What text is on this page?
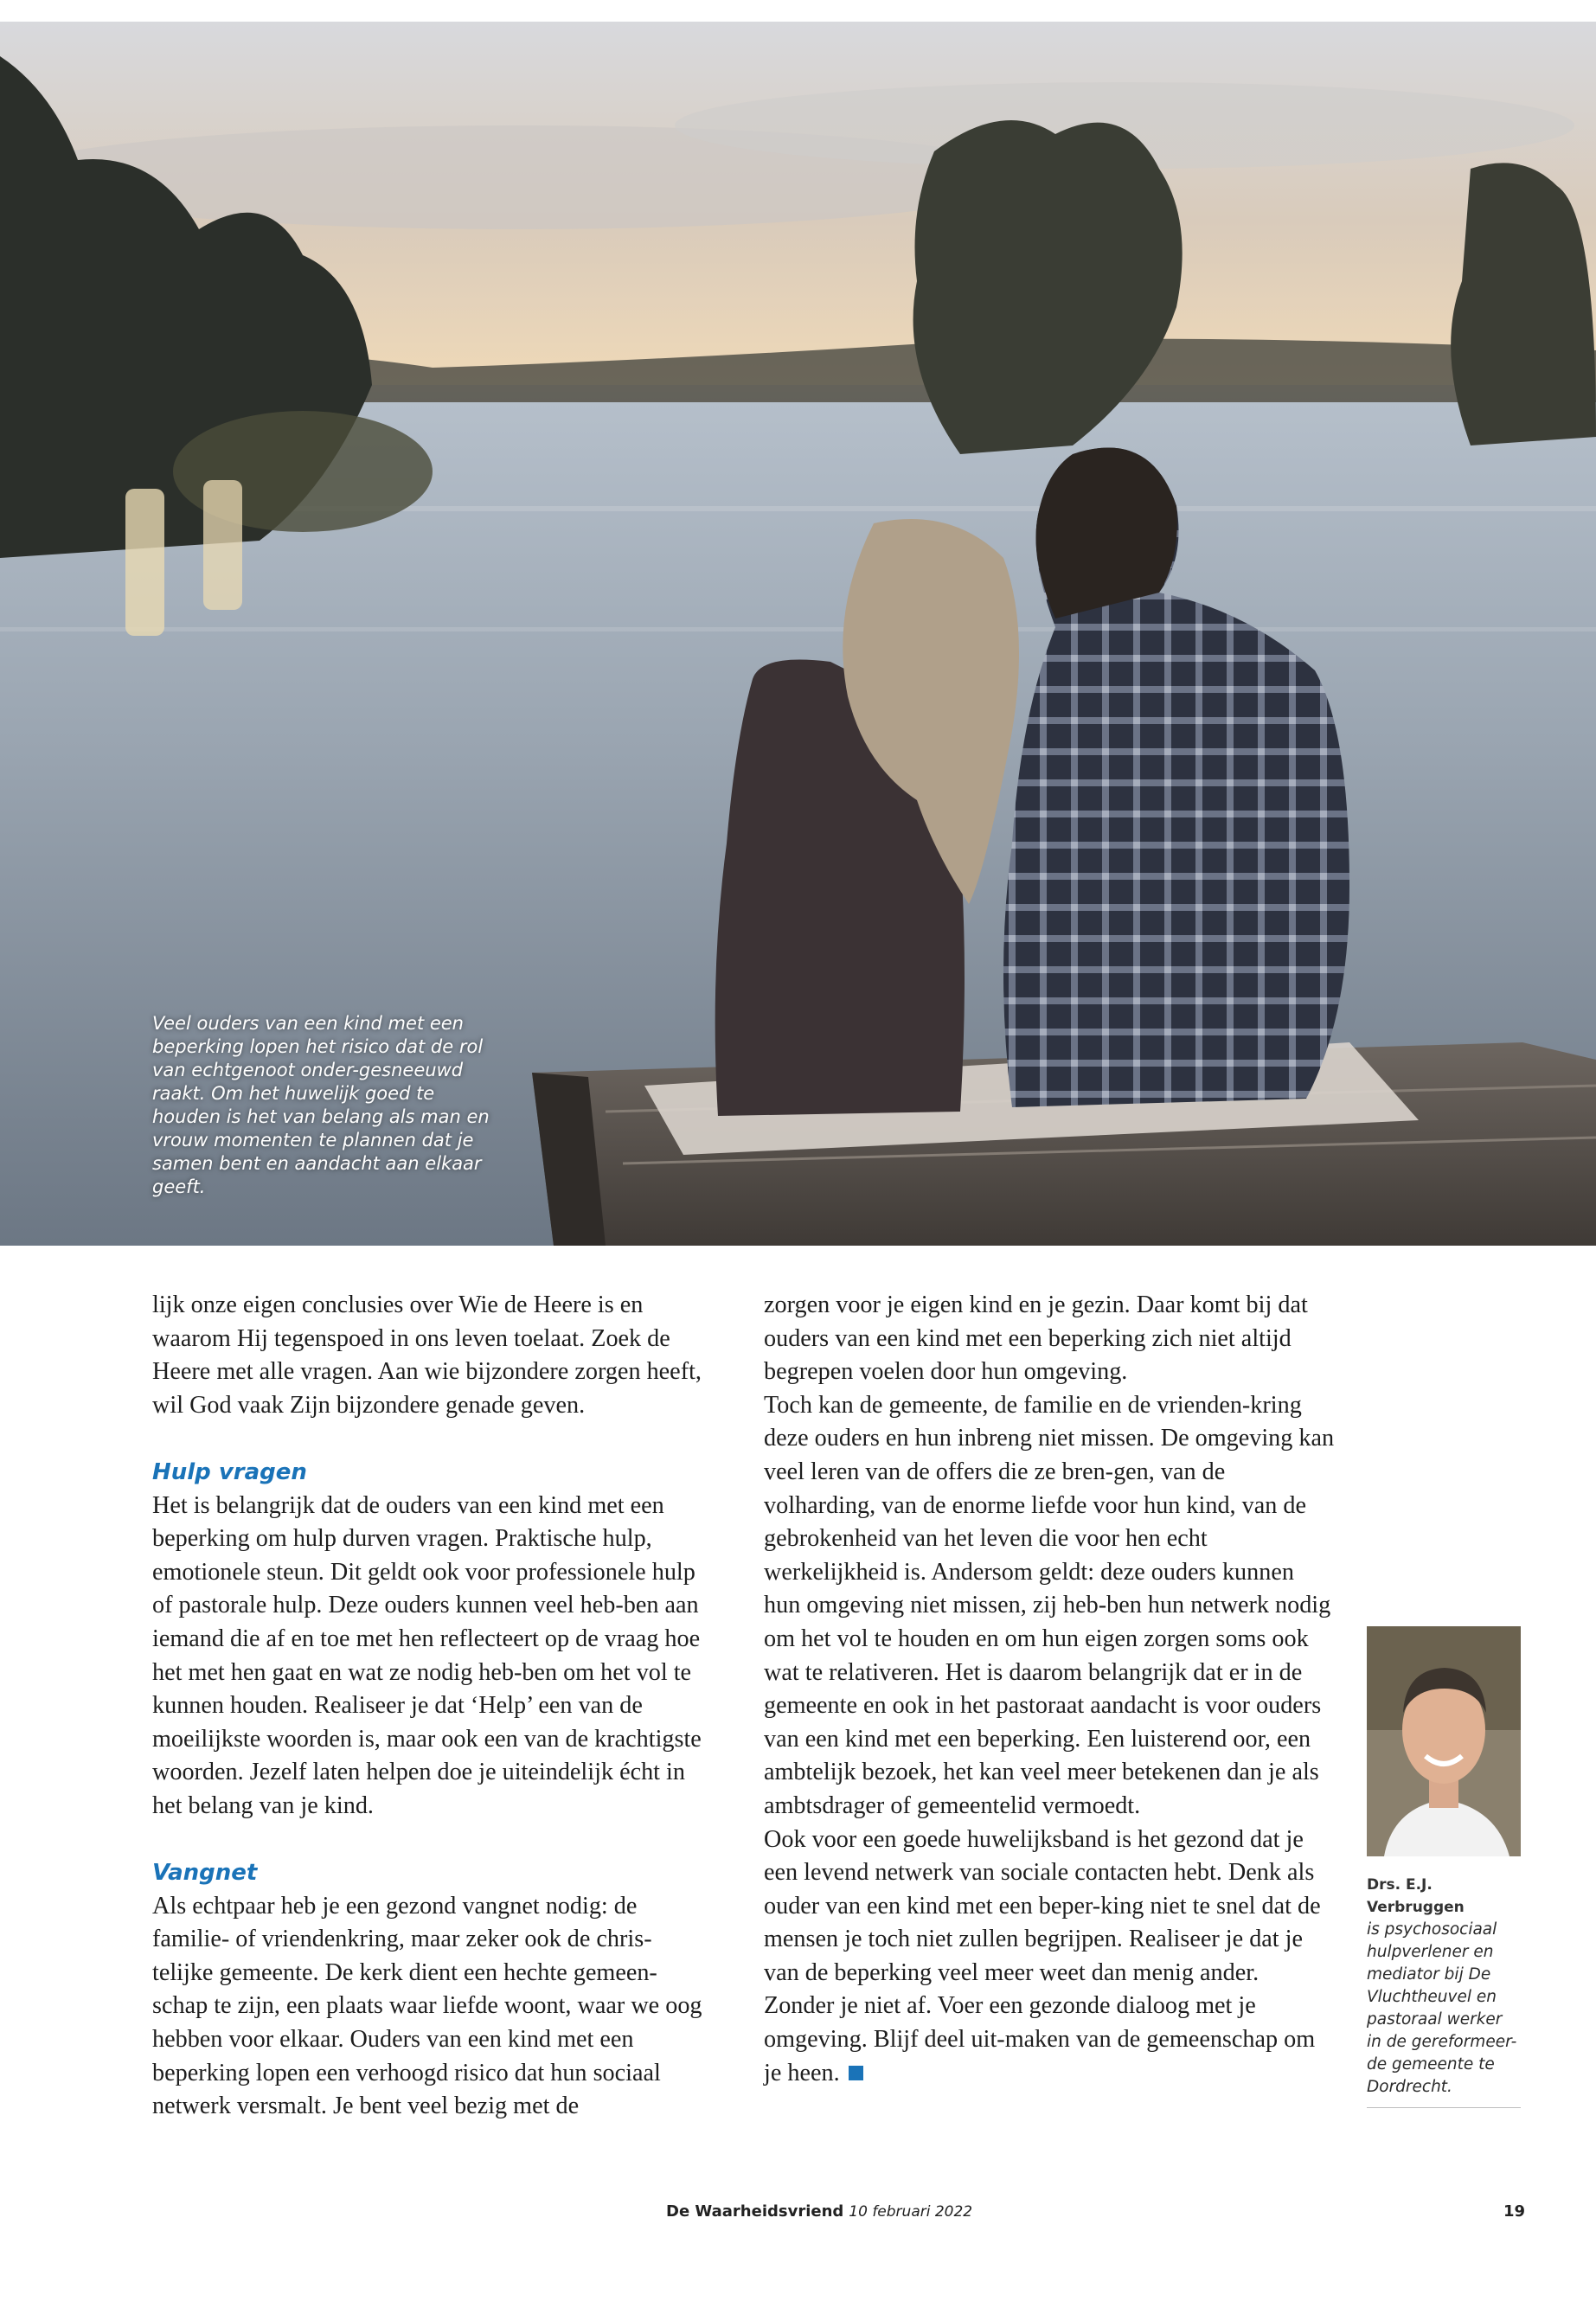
Veel ouders van een kind met een beperking lopen het risico dat de rol van echtgenoot onder-gesneeuwd raakt. Om het huwelijk goed te houden is het van belang als man en vrouw momenten te plannen dat je samen bent en aandacht aan elkaar geeft.

lijk onze eigen conclusies over Wie de Heere is en waarom Hij tegenspoed in ons leven toelaat. Zoek de Heere met alle vragen. Aan wie bijzondere zorgen heeft, wil God vaak Zijn bijzondere genade geven.

Hulp vragen

Het is belangrijk dat de ouders van een kind met een beperking om hulp durven vragen. Praktische hulp, emotionele steun. Dit geldt ook voor professionele hulp of pastorale hulp. Deze ouders kunnen veel heb-ben aan iemand die af en toe met hen reflecteert op de vraag hoe het met hen gaat en wat ze nodig heb-ben om het vol te kunnen houden. Realiseer je dat ‘Help’ een van de moeilijkste woorden is, maar ook een van de krachtigste woorden. Jezelf laten helpen doe je uiteindelijk écht in het belang van je kind.

Vangnet

Als echtpaar heb je een gezond vangnet nodig: de familie- of vriendenkring, maar zeker ook de chris-telijke gemeente. De kerk dient een hechte gemeen-schap te zijn, een plaats waar liefde woont, waar we oog hebben voor elkaar. Ouders van een kind met een beperking lopen een verhoogd risico dat hun sociaal netwerk versmalt. Je bent veel bezig met de

zorgen voor je eigen kind en je gezin. Daar komt bij dat ouders van een kind met een beperking zich niet altijd begrepen voelen door hun omgeving.

Toch kan de gemeente, de familie en de vrienden-kring deze ouders en hun inbreng niet missen. De omgeving kan veel leren van de offers die ze bren-gen, van de volharding, van de enorme liefde voor hun kind, van de gebrokenheid van het leven die voor hen echt werkelijkheid is. Andersom geldt: deze ouders kunnen hun omgeving niet missen, zij heb-ben hun netwerk nodig om het vol te houden en om hun eigen zorgen soms ook wat te relativeren. Het is daarom belangrijk dat er in de gemeente en ook in het pastoraat aandacht is voor ouders van een kind met een beperking. Een luisterend oor, een ambtelijk bezoek, het kan veel meer betekenen dan je als ambtsdrager of gemeentelid vermoedt.

Ook voor een goede huwelijksband is het gezond dat je een levend netwerk van sociale contacten hebt. Denk als ouder van een kind met een beper-king niet te snel dat de mensen je toch niet zullen begrijpen. Realiseer je dat je van de beperking veel meer weet dan menig ander. Zonder je niet af. Voer een gezonde dialoog met je omgeving. Blijf deel uit-maken van de gemeenschap om je heen.

Drs. E.J. Verbruggen

is psychosociaal hulpverlener en mediator bij De Vluchtheuvel en pastoraal werker in de gereformeer-de gemeente te Dordrecht.

De Waarheidsvriend 10 februari 2022	19
